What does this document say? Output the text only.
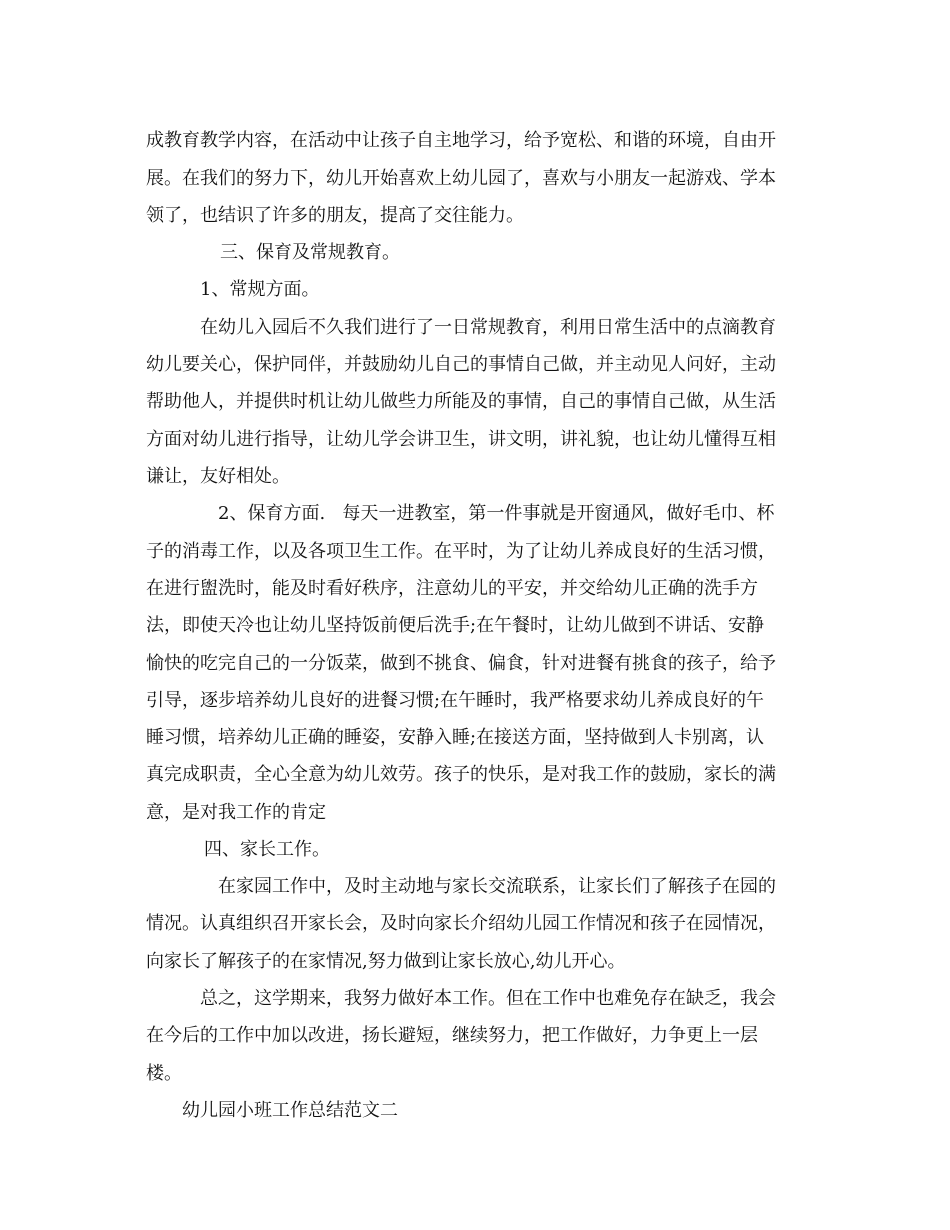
成教育教学内容，在活动中让孩子自主地学习，给予宽松、和谐的环境，自由开
展。在我们的努力下，幼儿开始喜欢上幼儿园了，喜欢与小朋友一起游戏、学本
领了，也结识了许多的朋友，提高了交往能力。
三、保育及常规教育。
1、常规方面。
在幼儿入园后不久我们进行了一日常规教育，利用日常生活中的点滴教育
幼儿要关心，保护同伴，并鼓励幼儿自己的事情自己做，并主动见人问好，主动
帮助他人，并提供时机让幼儿做些力所能及的事情，自己的事情自己做，从生活
方面对幼儿进行指导，让幼儿学会讲卫生，讲文明，讲礼貌，也让幼儿懂得互相
谦让，友好相处。
2、保育方面.   每天一进教室，第一件事就是开窗通风，做好毛巾、杯
子的消毒工作，以及各项卫生工作。在平时，为了让幼儿养成良好的生活习惯，
在进行盥洗时，能及时看好秩序，注意幼儿的平安，并交给幼儿正确的洗手方
法，即使天冷也让幼儿坚持饭前便后洗手;在午餐时，让幼儿做到不讲话、安静
愉快的吃完自己的一分饭菜，做到不挑食、偏食，针对进餐有挑食的孩子，给予
引导，逐步培养幼儿良好的进餐习惯;在午睡时，我严格要求幼儿养成良好的午
睡习惯，培养幼儿正确的睡姿，安静入睡;在接送方面，坚持做到人卡别离，认
真完成职责，全心全意为幼儿效劳。孩子的快乐，是对我工作的鼓励，家长的满
意，是对我工作的肯定
四、家长工作。
在家园工作中，及时主动地与家长交流联系，让家长们了解孩子在园的
情况。认真组织召开家长会，及时向家长介绍幼儿园工作情况和孩子在园情况，
向家长了解孩子的在家情况,努力做到让家长放心,幼儿开心。
总之，这学期来，我努力做好本工作。但在工作中也难免存在缺乏，我会
在今后的工作中加以改进，扬长避短，继续努力，把工作做好，力争更上一层
楼。
幼儿园小班工作总结范文二
